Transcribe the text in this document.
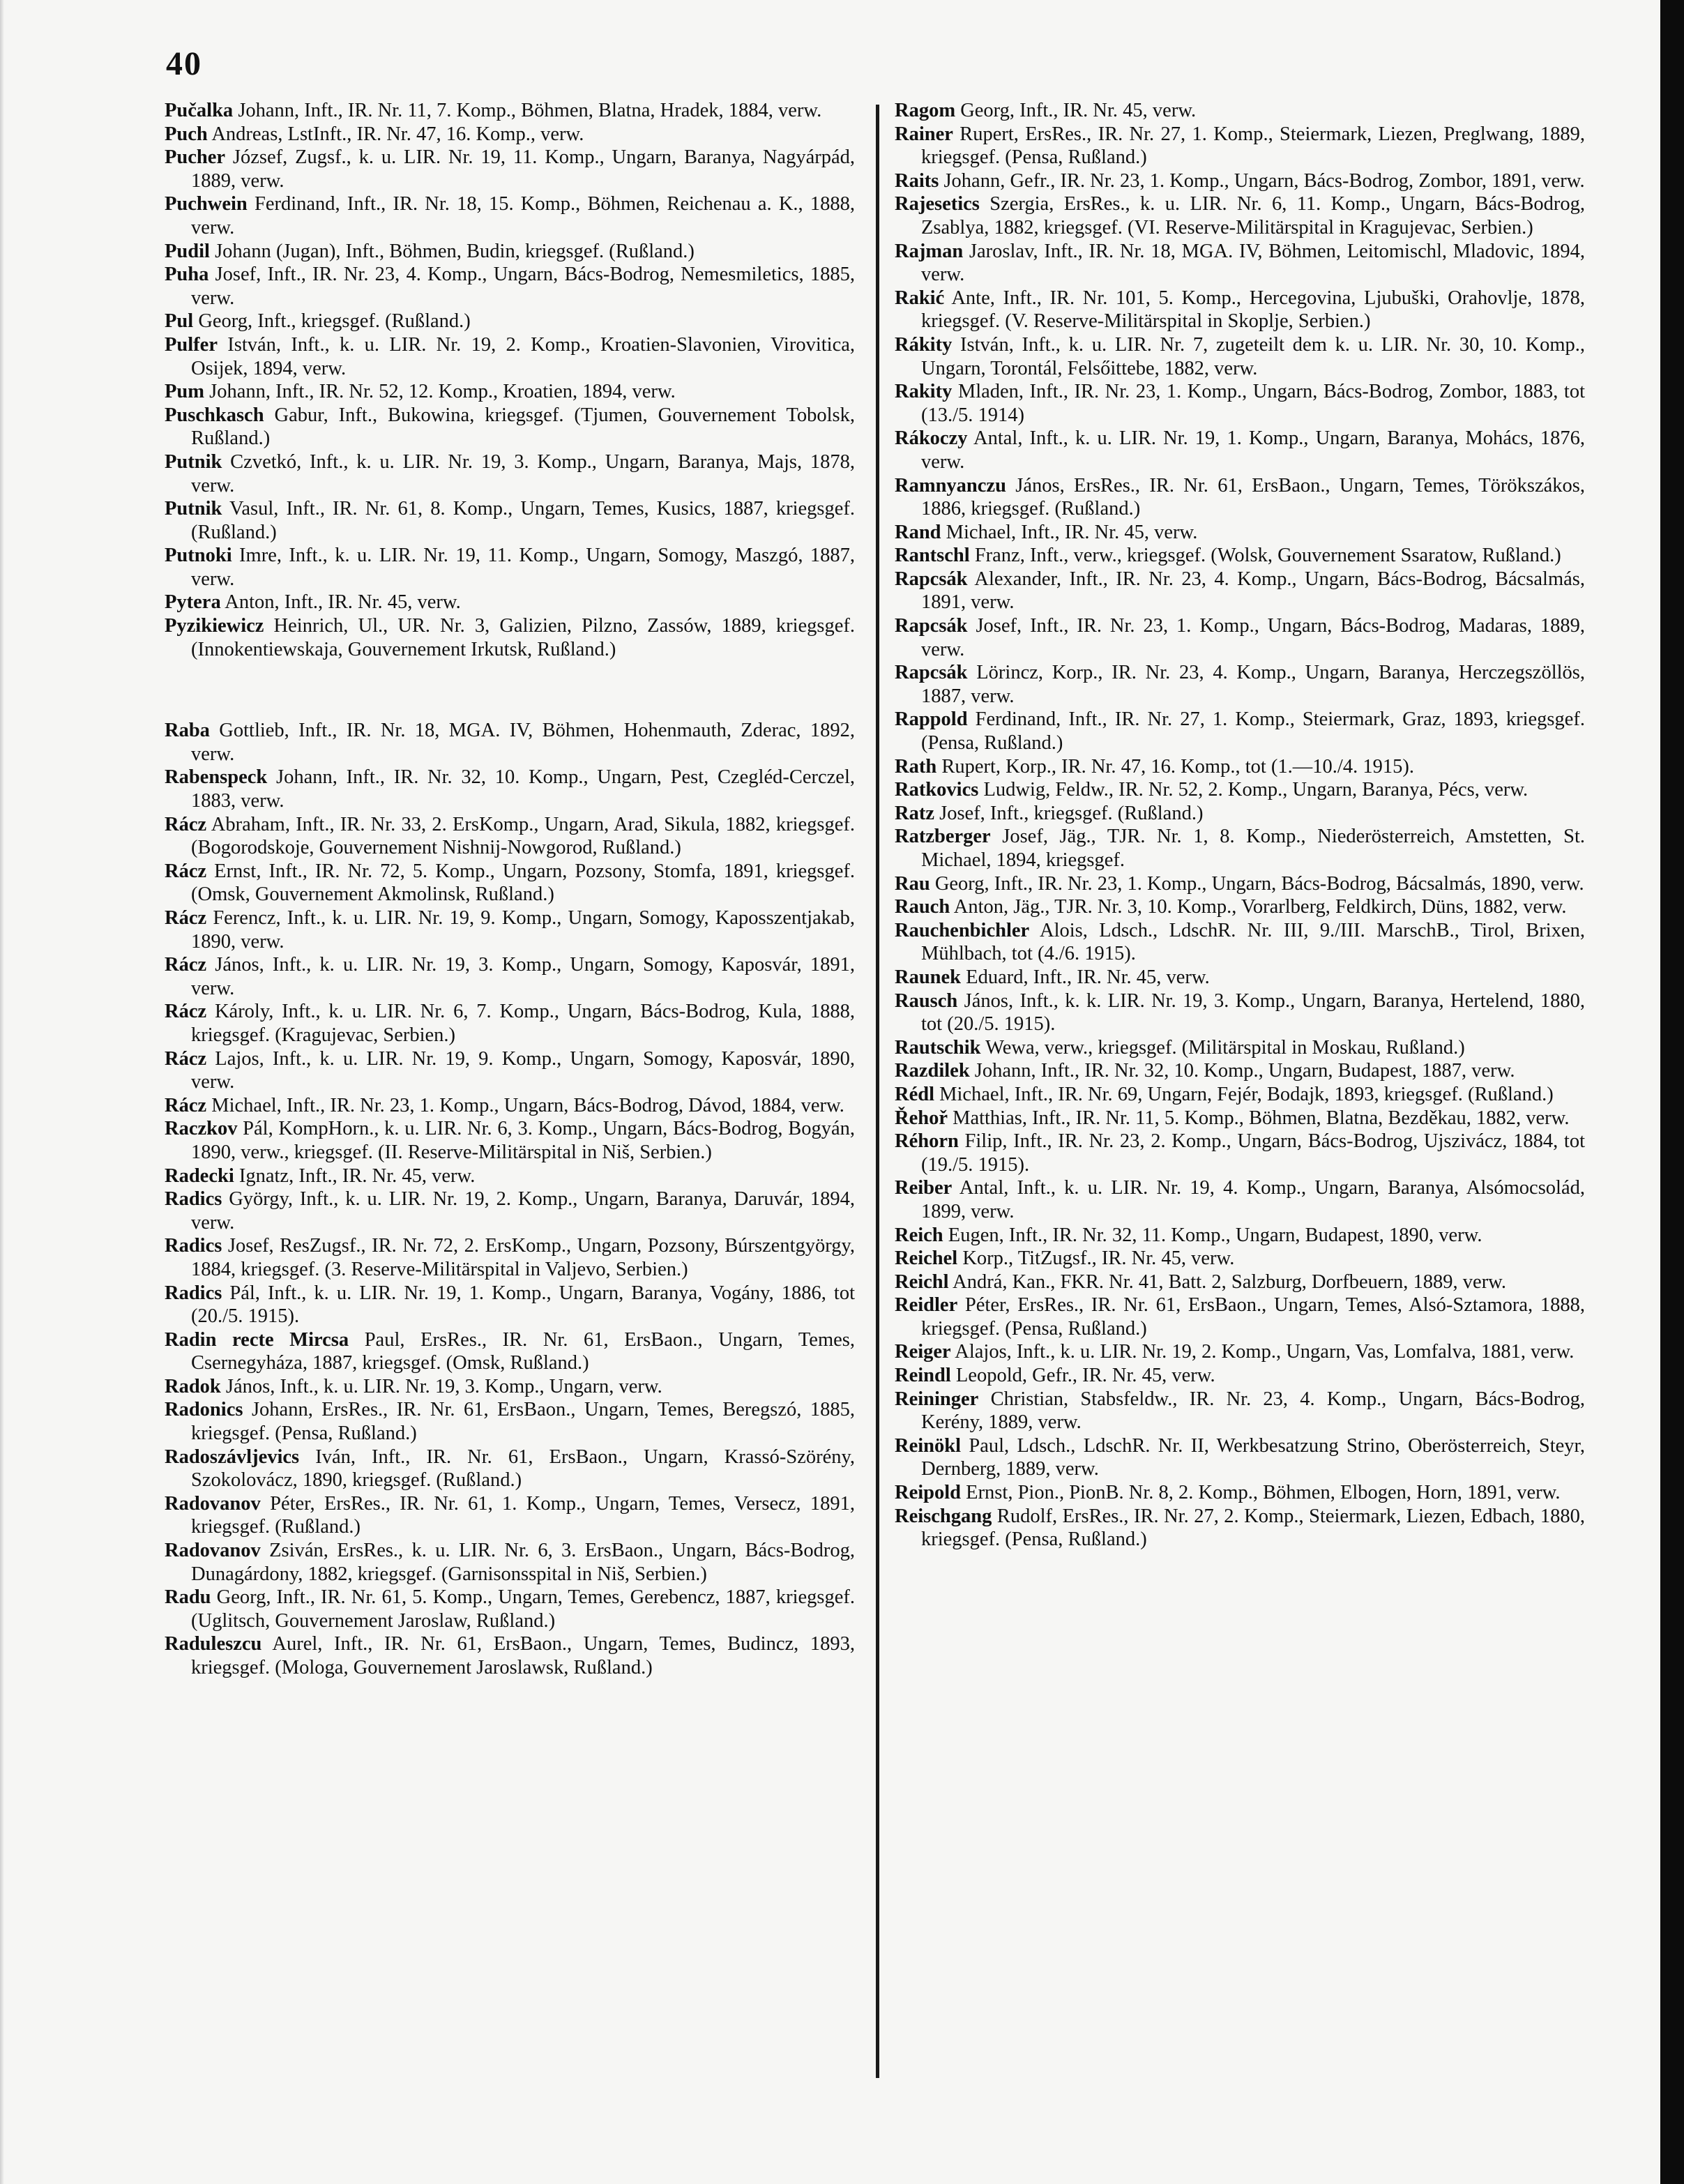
40
Pučalka Johann, Inft., IR. Nr. 11, 7. Komp., Böhmen, Blatna, Hradek, 1884, verw.
Puch Andreas, LstInft., IR. Nr. 47, 16. Komp., verw.
Pucher József, Zugsf., k. u. LIR. Nr. 19, 11. Komp., Ungarn, Baranya, Nagyárpád, 1889, verw.
Puchwein Ferdinand, Inft., IR. Nr. 18, 15. Komp., Böhmen, Reichenau a. K., 1888, verw.
Pudil Johann (Jugan), Inft., Böhmen, Budin, kriegsgef. (Rußland.)
Puha Josef, Inft., IR. Nr. 23, 4. Komp., Ungarn, Bács-Bodrog, Nemesmiletics, 1885, verw.
Pul Georg, Inft., kriegsgef. (Rußland.)
Pulfer István, Inft., k. u. LIR. Nr. 19, 2. Komp., Kroatien-Slavonien, Virovitica, Osijek, 1894, verw.
Pum Johann, Inft., IR. Nr. 52, 12. Komp., Kroatien, 1894, verw.
Puschkasch Gabur, Inft., Bukowina, kriegsgef. (Tjumen, Gouvernement Tobolsk, Rußland.)
Putnik Czvetkó, Inft., k. u. LIR. Nr. 19, 3. Komp., Ungarn, Baranya, Majs, 1878, verw.
Putnik Vasul, Inft., IR. Nr. 61, 8. Komp., Ungarn, Temes, Kusics, 1887, kriegsgef. (Rußland.)
Putnoki Imre, Inft., k. u. LIR. Nr. 19, 11. Komp., Ungarn, Somogy, Maszgó, 1887, verw.
Pytera Anton, Inft., IR. Nr. 45, verw.
Pyzikiewicz Heinrich, Ul., UR. Nr. 3, Galizien, Pilzno, Zassów, 1889, kriegsgef. (Innokentiewskaja, Gouvernement Irkutsk, Rußland.)
Raba Gottlieb, Inft., IR. Nr. 18, MGA. IV, Böhmen, Hohenmauth, Zderac, 1892, verw.
Rabenspeck Johann, Inft., IR. Nr. 32, 10. Komp., Ungarn, Pest, Czegléd-Cerczel, 1883, verw.
Rácz Abraham, Inft., IR. Nr. 33, 2. ErsKomp., Ungarn, Arad, Sikula, 1882, kriegsgef. (Bogorodskoje, Gouvernement Nishnij-Nowgorod, Rußland.)
Rácz Ernst, Inft., IR. Nr. 72, 5. Komp., Ungarn, Pozsony, Stomfa, 1891, kriegsgef. (Omsk, Gouvernement Akmolinsk, Rußland.)
Rácz Ferencz, Inft., k. u. LIR. Nr. 19, 9. Komp., Ungarn, Somogy, Kaposszentjakab, 1890, verw.
Rácz János, Inft., k. u. LIR. Nr. 19, 3. Komp., Ungarn, Somogy, Kaposvár, 1891, verw.
Rácz Károly, Inft., k. u. LIR. Nr. 6, 7. Komp., Ungarn, Bács-Bodrog, Kula, 1888, kriegsgef. (Kragujevac, Serbien.)
Rácz Lajos, Inft., k. u. LIR. Nr. 19, 9. Komp., Ungarn, Somogy, Kaposvár, 1890, verw.
Rácz Michael, Inft., IR. Nr. 23, 1. Komp., Ungarn, Bács-Bodrog, Dávod, 1884, verw.
Raczkov Pál, KompHorn., k. u. LIR. Nr. 6, 3. Komp., Ungarn, Bács-Bodrog, Bogyán, 1890, verw., kriegsgef. (II. Reserve-Militärspital in Niš, Serbien.)
Radecki Ignatz, Inft., IR. Nr. 45, verw.
Radics György, Inft., k. u. LIR. Nr. 19, 2. Komp., Ungarn, Baranya, Daruvár, 1894, verw.
Radics Josef, ResZugsf., IR. Nr. 72, 2. ErsKomp., Ungarn, Pozsony, Búrszentgyörgy, 1884, kriegsgef. (3. Reserve-Militärspital in Valjevo, Serbien.)
Radics Pál, Inft., k. u. LIR. Nr. 19, 1. Komp., Ungarn, Baranya, Vogány, 1886, tot (20./5. 1915).
Radin recte Mircsa Paul, ErsRes., IR. Nr. 61, ErsBaon., Ungarn, Temes, Csernegyháza, 1887, kriegsgef. (Omsk, Rußland.)
Radok János, Inft., k. u. LIR. Nr. 19, 3. Komp., Ungarn, verw.
Radonics Johann, ErsRes., IR. Nr. 61, ErsBaon., Ungarn, Temes, Beregszó, 1885, kriegsgef. (Pensa, Rußland.)
Radoszávljevics Iván, Inft., IR. Nr. 61, ErsBaon., Ungarn, Krassó-Szörény, Szokolovácz, 1890, kriegsgef. (Rußland.)
Radovanov Péter, ErsRes., IR. Nr. 61, 1. Komp., Ungarn, Temes, Versecz, 1891, kriegsgef. (Rußland.)
Radovanov Zsiván, ErsRes., k. u. LIR. Nr. 6, 3. ErsBaon., Ungarn, Bács-Bodrog, Dunagárdony, 1882, kriegsgef. (Garnisonsspital in Niš, Serbien.)
Radu Georg, Inft., IR. Nr. 61, 5. Komp., Ungarn, Temes, Gerebencz, 1887, kriegsgef. (Uglitsch, Gouvernement Jaroslaw, Rußland.)
Raduleszcu Aurel, Inft., IR. Nr. 61, ErsBaon., Ungarn, Temes, Budincz, 1893, kriegsgef. (Mologa, Gouvernement Jaroslawsk, Rußland.)
Ragom Georg, Inft., IR. Nr. 45, verw.
Rainer Rupert, ErsRes., IR. Nr. 27, 1. Komp., Steiermark, Liezen, Preglwang, 1889, kriegsgef. (Pensa, Rußland.)
Raits Johann, Gefr., IR. Nr. 23, 1. Komp., Ungarn, Bács-Bodrog, Zombor, 1891, verw.
Rajesetics Szergia, ErsRes., k. u. LIR. Nr. 6, 11. Komp., Ungarn, Bács-Bodrog, Zsablya, 1882, kriegsgef. (VI. Reserve-Militärspital in Kragujevac, Serbien.)
Rajman Jaroslav, Inft., IR. Nr. 18, MGA. IV, Böhmen, Leitomischl, Mladovic, 1894, verw.
Rakić Ante, Inft., IR. Nr. 101, 5. Komp., Hercegovina, Ljubuški, Orahovlje, 1878, kriegsgef. (V. Reserve-Militärspital in Skoplje, Serbien.)
Rákity István, Inft., k. u. LIR. Nr. 7, zugeteilt dem k. u. LIR. Nr. 30, 10. Komp., Ungarn, Torontál, Felsőittebe, 1882, verw.
Rakity Mladen, Inft., IR. Nr. 23, 1. Komp., Ungarn, Bács-Bodrog, Zombor, 1883, tot (13./5. 1914)
Rákoczy Antal, Inft., k. u. LIR. Nr. 19, 1. Komp., Ungarn, Baranya, Mohács, 1876, verw.
Ramnyanczu János, ErsRes., IR. Nr. 61, ErsBaon., Ungarn, Temes, Törökszákos, 1886, kriegsgef. (Rußland.)
Rand Michael, Inft., IR. Nr. 45, verw.
Rantschl Franz, Inft., verw., kriegsgef. (Wolsk, Gouvernement Ssaratow, Rußland.)
Rapcsák Alexander, Inft., IR. Nr. 23, 4. Komp., Ungarn, Bács-Bodrog, Bácsalmás, 1891, verw.
Rapcsák Josef, Inft., IR. Nr. 23, 1. Komp., Ungarn, Bács-Bodrog, Madaras, 1889, verw.
Rapcsák Lörincz, Korp., IR. Nr. 23, 4. Komp., Ungarn, Baranya, Herczegszöllös, 1887, verw.
Rappold Ferdinand, Inft., IR. Nr. 27, 1. Komp., Steiermark, Graz, 1893, kriegsgef. (Pensa, Rußland.)
Rath Rupert, Korp., IR. Nr. 47, 16. Komp., tot (1.—10./4. 1915).
Ratkovics Ludwig, Feldw., IR. Nr. 52, 2. Komp., Ungarn, Baranya, Pécs, verw.
Ratz Josef, Inft., kriegsgef. (Rußland.)
Ratzberger Josef, Jäg., TJR. Nr. 1, 8. Komp., Niederösterreich, Amstetten, St. Michael, 1894, kriegsgef.
Rau Georg, Inft., IR. Nr. 23, 1. Komp., Ungarn, Bács-Bodrog, Bácsalmás, 1890, verw.
Rauch Anton, Jäg., TJR. Nr. 3, 10. Komp., Vorarlberg, Feldkirch, Düns, 1882, verw.
Rauchenbichler Alois, Ldsch., LdschR. Nr. III, 9./III. MarschB., Tirol, Brixen, Mühlbach, tot (4./6. 1915).
Raunek Eduard, Inft., IR. Nr. 45, verw.
Rausch János, Inft., k. k. LIR. Nr. 19, 3. Komp., Ungarn, Baranya, Hertelend, 1880, tot (20./5. 1915).
Rautschik Wewa, verw., kriegsgef. (Militärspital in Moskau, Rußland.)
Razdilek Johann, Inft., IR. Nr. 32, 10. Komp., Ungarn, Budapest, 1887, verw.
Rédl Michael, Inft., IR. Nr. 69, Ungarn, Fejér, Bodajk, 1893, kriegsgef. (Rußland.)
Řehoř Matthias, Inft., IR. Nr. 11, 5. Komp., Böhmen, Blatna, Bezděkau, 1882, verw.
Réhorn Filip, Inft., IR. Nr. 23, 2. Komp., Ungarn, Bács-Bodrog, Ujszivácz, 1884, tot (19./5. 1915).
Reiber Antal, Inft., k. u. LIR. Nr. 19, 4. Komp., Ungarn, Baranya, Alsómocsolád, 1899, verw.
Reich Eugen, Inft., IR. Nr. 32, 11. Komp., Ungarn, Budapest, 1890, verw.
Reichel Korp., TitZugsf., IR. Nr. 45, verw.
Reichl Andrá, Kan., FKR. Nr. 41, Batt. 2, Salzburg, Dorfbeuern, 1889, verw.
Reidler Péter, ErsRes., IR. Nr. 61, ErsBaon., Ungarn, Temes, Alsó-Sztamora, 1888, kriegsgef. (Pensa, Rußland.)
Reiger Alajos, Inft., k. u. LIR. Nr. 19, 2. Komp., Ungarn, Vas, Lomfalva, 1881, verw.
Reindl Leopold, Gefr., IR. Nr. 45, verw.
Reininger Christian, Stabsfeldw., IR. Nr. 23, 4. Komp., Ungarn, Bács-Bodrog, Kerény, 1889, verw.
Reinökl Paul, Ldsch., LdschR. Nr. II, Werkbesatzung Strino, Oberösterreich, Steyr, Dernberg, 1889, verw.
Reipold Ernst, Pion., PionB. Nr. 8, 2. Komp., Böhmen, Elbogen, Horn, 1891, verw.
Reischgang Rudolf, ErsRes., IR. Nr. 27, 2. Komp., Steiermark, Liezen, Edbach, 1880, kriegsgef. (Pensa, Rußland.)
